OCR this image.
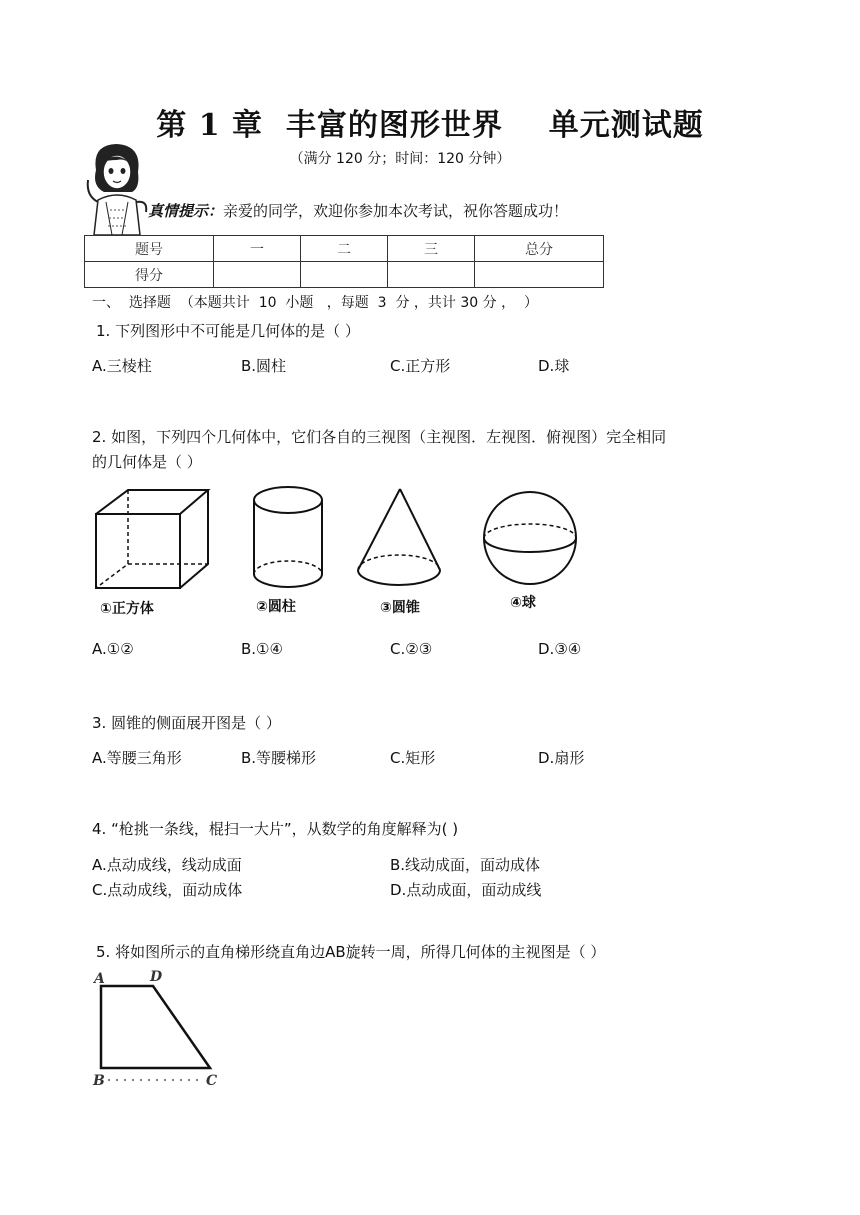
第 1 章  丰富的图形世界    单元测试题
（满分 120 分；时间：120 分钟）
真情提示：亲爱的同学，欢迎你参加本次考试，祝你答题成功！
题号	一	二	三	总分
得分				
一、  选择题  （本题共计  10  小题   ，每题  3  分 ，共计 30 分 ，  ）
1. 下列图形中不可能是几何体的是（ ）
A.三棱柱	B.圆柱	C.正方形	D.球
2. 如图，下列四个几何体中，它们各自的三视图（主视图．左视图．俯视图）完全相同
的几何体是（ ）
①正方体	②圆柱	③圆锥	④球
A.①②	B.①④	C.②③	D.③④
3. 圆锥的侧面展开图是（ ）
A.等腰三角形	B.等腰梯形	C.矩形	D.扇形
4. “枪挑一条线，棍扫一大片”，从数学的角度解释为( )
A.点动成线，线动成面	B.线动成面，面动成体
C.点动成线，面动成体	D.点动成面，面动成线
5. 将如图所示的直角梯形绕直角边AB旋转一周，所得几何体的主视图是（ ）
A	D
B	C
